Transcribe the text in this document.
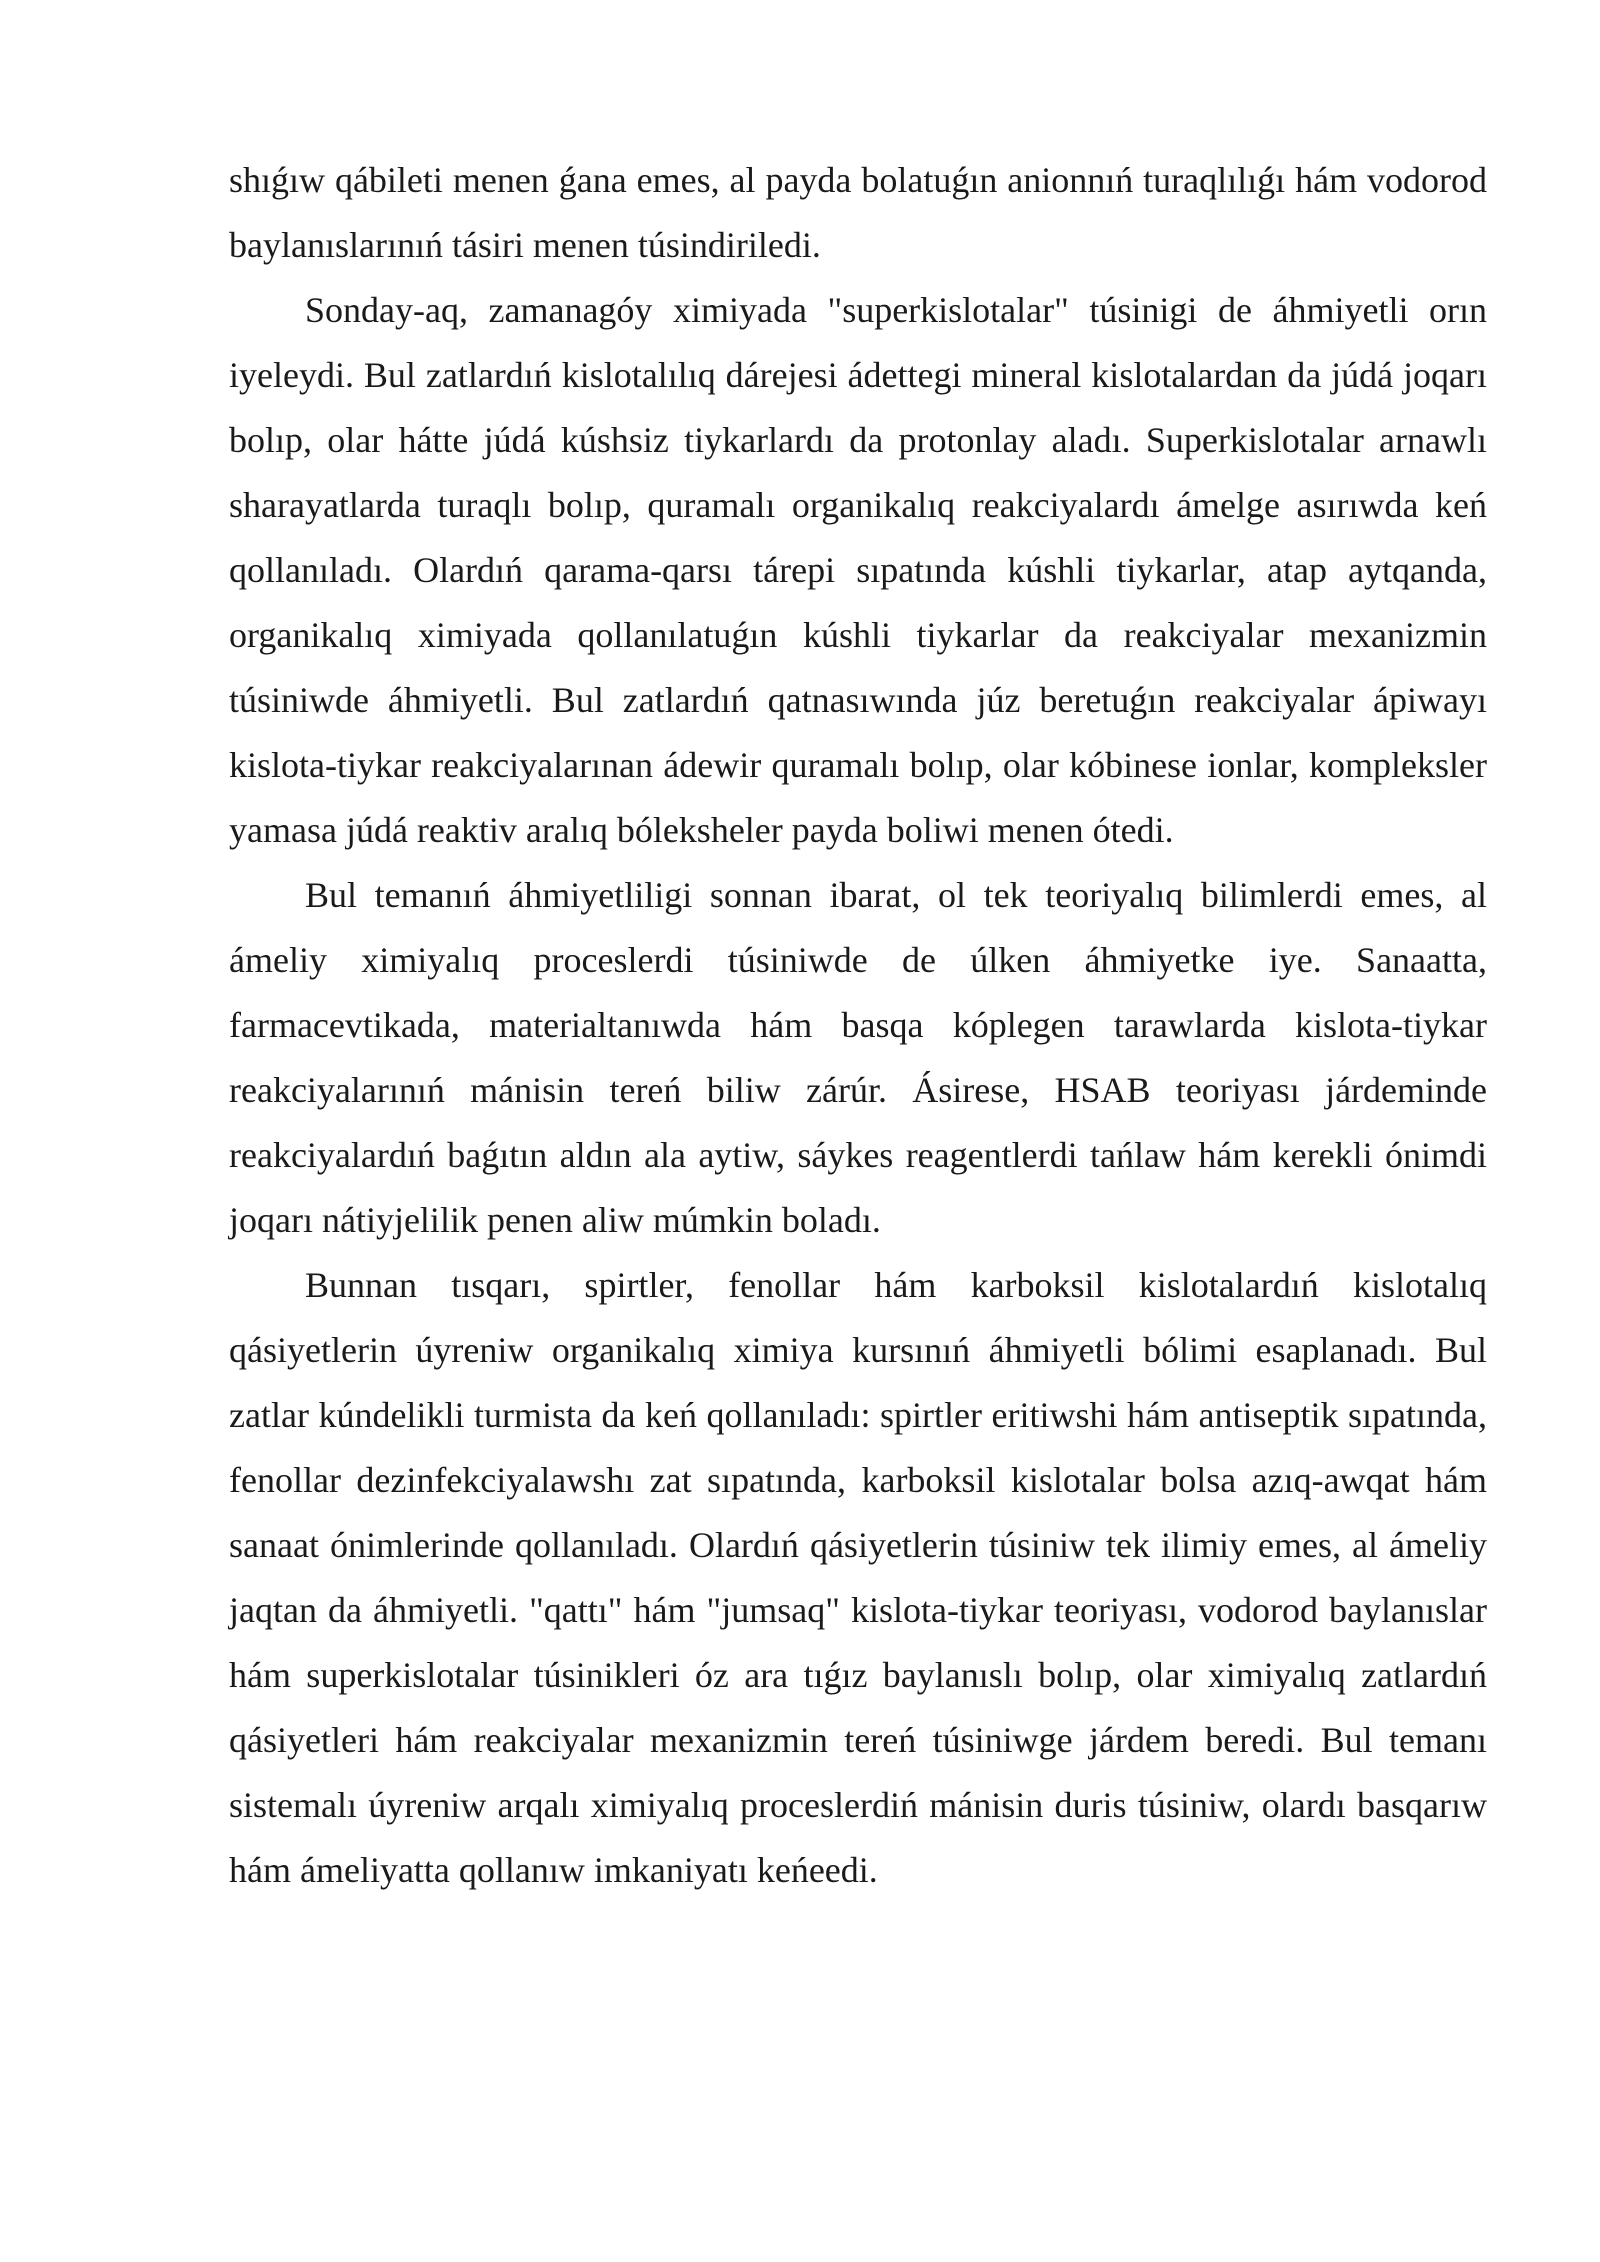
shıǵıw qábileti menen ǵana emes, al payda bolatuǵın anionnıń turaqlılıǵı hám vodorod baylanıslarınıń tásiri menen túsindiriledi.

Sonday-aq, zamanagóy ximiyada "superkislotalar" túsinigi de áhmiyetli orın iyeleydi. Bul zatlardıń kislotalılıq dárejesi ádettegi mineral kislotalardan da júdá joqarı bolıp, olar hátte júdá kúshsiz tiykarlardı da protonlay aladı. Superkislotalar arnawlı sharayatlarda turaqlı bolıp, quramalı organikalıq reakciyalardı ámelge asırıwda keń qollanıladı. Olardıń qarama-qarsı tárepi sıpatında kúshli tiykarlar, atap aytqanda, organikalıq ximiyada qollanılatuǵın kúshli tiykarlar da reakciyalar mexanizmin túsiniwde áhmiyetli. Bul zatlardıń qatnasıwında júz beretuǵın reakciyalar ápiwayı kislota-tiykar reakciyalarınan ádewir quramalı bolıp, olar kóbinese ionlar, kompleksler yamasa júdá reaktiv aralıq bóleksheler payda boliwi menen ótedi.

Bul temanıń áhmiyetliligi sonnan ibarat, ol tek teoriyalıq bilimlerdi emes, al ámeliy ximiyalıq proceslerdi túsiniwde de úlken áhmiyetke iye. Sanaatta, farmacevtikada, materialtanıwda hám basqa kóplegen tarawlarda kislota-tiykar reakciyalarınıń mánisin tereń biliw zárúr. Ásirese, HSAB teoriyası járdeminde reakciyalardıń baǵıtın aldın ala aytiw, sáykes reagentlerdi tańlaw hám kerekli ónimdi joqarı nátiyjelilik penen aliw múmkin boladı.

Bunnan tısqarı, spirtler, fenollar hám karboksil kislotalardıń kislotalıq qásiyetlerin úyreniw organikalıq ximiya kursınıń áhmiyetli bólimi esaplanadı. Bul zatlar kúndelikli turmista da keń qollanıladı: spirtler eritiwshi hám antiseptik sıpatında, fenollar dezinfekciyalawshı zat sıpatında, karboksil kislotalar bolsa azıq-awqat hám sanaat ónimlerinde qollanıladı. Olardıń qásiyetlerin túsiniw tek ilimiy emes, al ámeliy jaqtan da áhmiyetli. "qattı" hám "jumsaq" kislota-tiykar teoriyası, vodorod baylanıslar hám superkislotalar túsinikleri óz ara tıǵız baylanıslı bolıp, olar ximiyalıq zatlardıń qásiyetleri hám reakciyalar mexanizmin tereń túsiniwge járdem beredi. Bul temanı sistemalı úyreniw arqalı ximiyalıq proceslerdiń mánisin duris túsiniw, olardı basqarıw hám ámeliyatta qollanıw imkaniyatı keńeedi.
